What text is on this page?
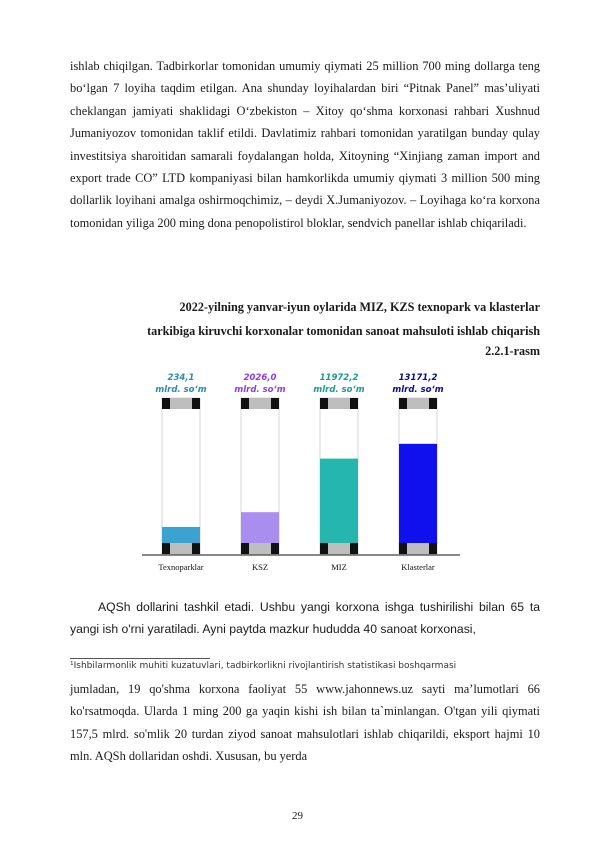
ishlab chiqilgan. Tadbirkorlar tomonidan umumiy qiymati 25 million 700 ming dollarga teng bo‘lgan 7 loyiha taqdim etilgan. Ana shunday loyihalardan biri “Pitnak Panel” mas’uliyati cheklangan jamiyati shaklidagi O‘zbekiston – Xitoy qo‘shma korxonasi rahbari Xushnud Jumaniyozov tomonidan taklif etildi. Davlatimiz rahbari tomonidan yaratilgan bunday qulay investitsiya sharoitidan samarali foydalangan holda, Xitoyning “Xinjiang zaman import and export trade CO” LTD kompaniyasi bilan hamkorlikda umumiy qiymati 3 million 500 ming dollarlik loyihani amalga oshirmoqchimiz, – deydi X.Jumaniyozov. – Loyihaga ko‘ra korxona tomonidan yiliga 200 ming dona penopolistirol bloklar, sendvich panellar ishlab chiqariladi.

2022-yilning yanvar-iyun oylarida MIZ, KZS texnopark va klasterlar
tarkibiga kiruvchi korxonalar tomonidan sanoat mahsuloti ishlab chiqarish

2.2.1-rasm

234,1
mlrd. so‘m
Texnoparklar
2026,0
mlrd. so‘m
KSZ
11972,2
mlrd. so‘m
MIZ
13171,2
mlrd. so‘m
Klasterlar

AQSh dollarini tashkil etadi. Ushbu yangi korxona ishga tushirilishi bilan 65 ta yangi ish o'rni yaratiladi. Ayni paytda mazkur hududda 40 sanoat korxonasi,

¹Ishbilarmonlik muhiti kuzatuvlari, tadbirkorlikni rivojlantirish statistikasi boshqarmasi

jumladan, 19 qo'shma korxona faoliyat 55 www.jahonnews.uz sayti ma’lumotlari 66 ko'rsatmoqda. Ularda 1 ming 200 ga yaqin kishi ish bilan ta`minlangan. O'tgan yili qiymati 157,5 mlrd. so'mlik 20 turdan ziyod sanoat mahsulotlari ishlab chiqarildi, eksport hajmi 10 mln. AQSh dollaridan oshdi. Xususan, bu yerda

29
